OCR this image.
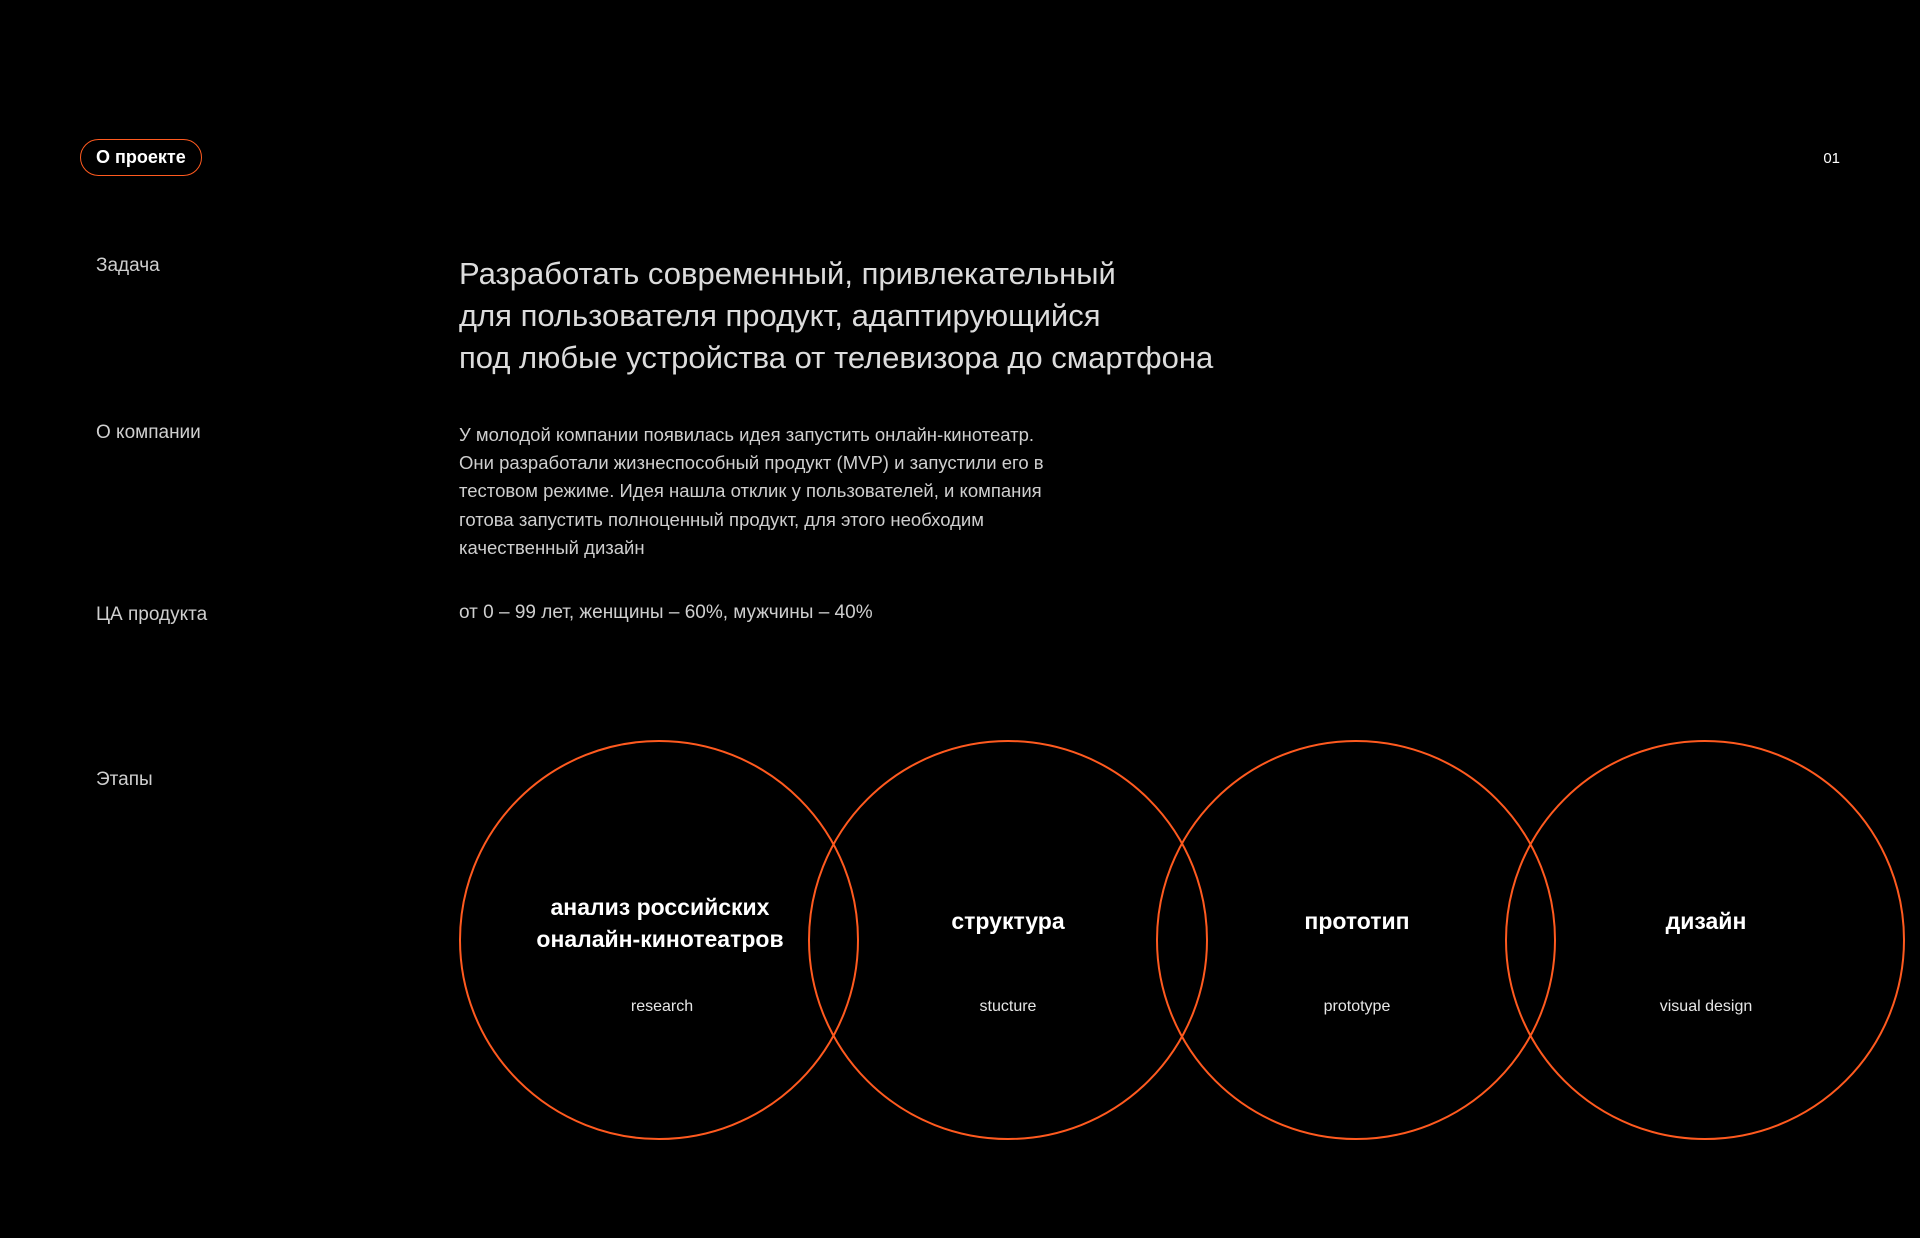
О проекте	01
Задача
О компании
ЦА продукта
Этапы
Разработать современный, привлекательный
для пользователя продукт, адаптирующийся
под любые устройства от телевизора до смартфона
У молодой компании появилась идея запустить онлайн-кинотеатр.
Они разработали жизнеспособный продукт (MVP) и запустили его в
тестовом режиме. Идея нашла отклик у пользователей, и компания
готова запустить полноценный продукт, для этого необходим
качественный дизайн
от 0 – 99 лет, женщины – 60%, мужчины – 40%
анализ российских
оналайн-кинотеатров
research
структура
stucture
прототип
prototype
дизайн
visual design
